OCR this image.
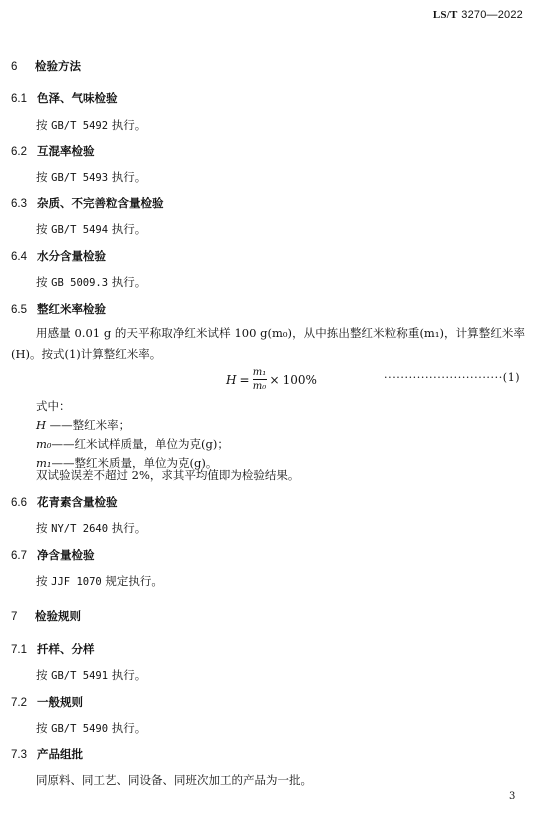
LS/T 3270—2022
6 检验方法
6.1 色泽、气味检验
按 GB/T 5492 执行。
6.2 互混率检验
按 GB/T 5493 执行。
6.3 杂质、不完善粒含量检验
按 GB/T 5494 执行。
6.4 水分含量检验
按 GB 5009.3 执行。
6.5 整红米率检验
用感量 0.01 g 的天平称取净红米试样 100 g(m₀)，从中拣出整红米粒称重(m₁)，计算整红米率(H)。按式(1)计算整红米率。
$H = \frac{\text{m₁}}{\text{m₀}} \times 100\%$	·····························(1)
式中：
H ——整红米率；
m₀——红米试样质量，单位为克(g)；
m₁——整红米质量，单位为克(g)。
双试验误差不超过 2%，求其平均值即为检验结果。
6.6 花青素含量检验
按 NY/T 2640 执行。
6.7 净含量检验
按 JJF 1070 规定执行。
7 检验规则
7.1 扦样、分样
按 GB/T 5491 执行。
7.2 一般规则
按 GB/T 5490 执行。
7.3 产品组批
同原料、同工艺、同设备、同班次加工的产品为一批。
3
